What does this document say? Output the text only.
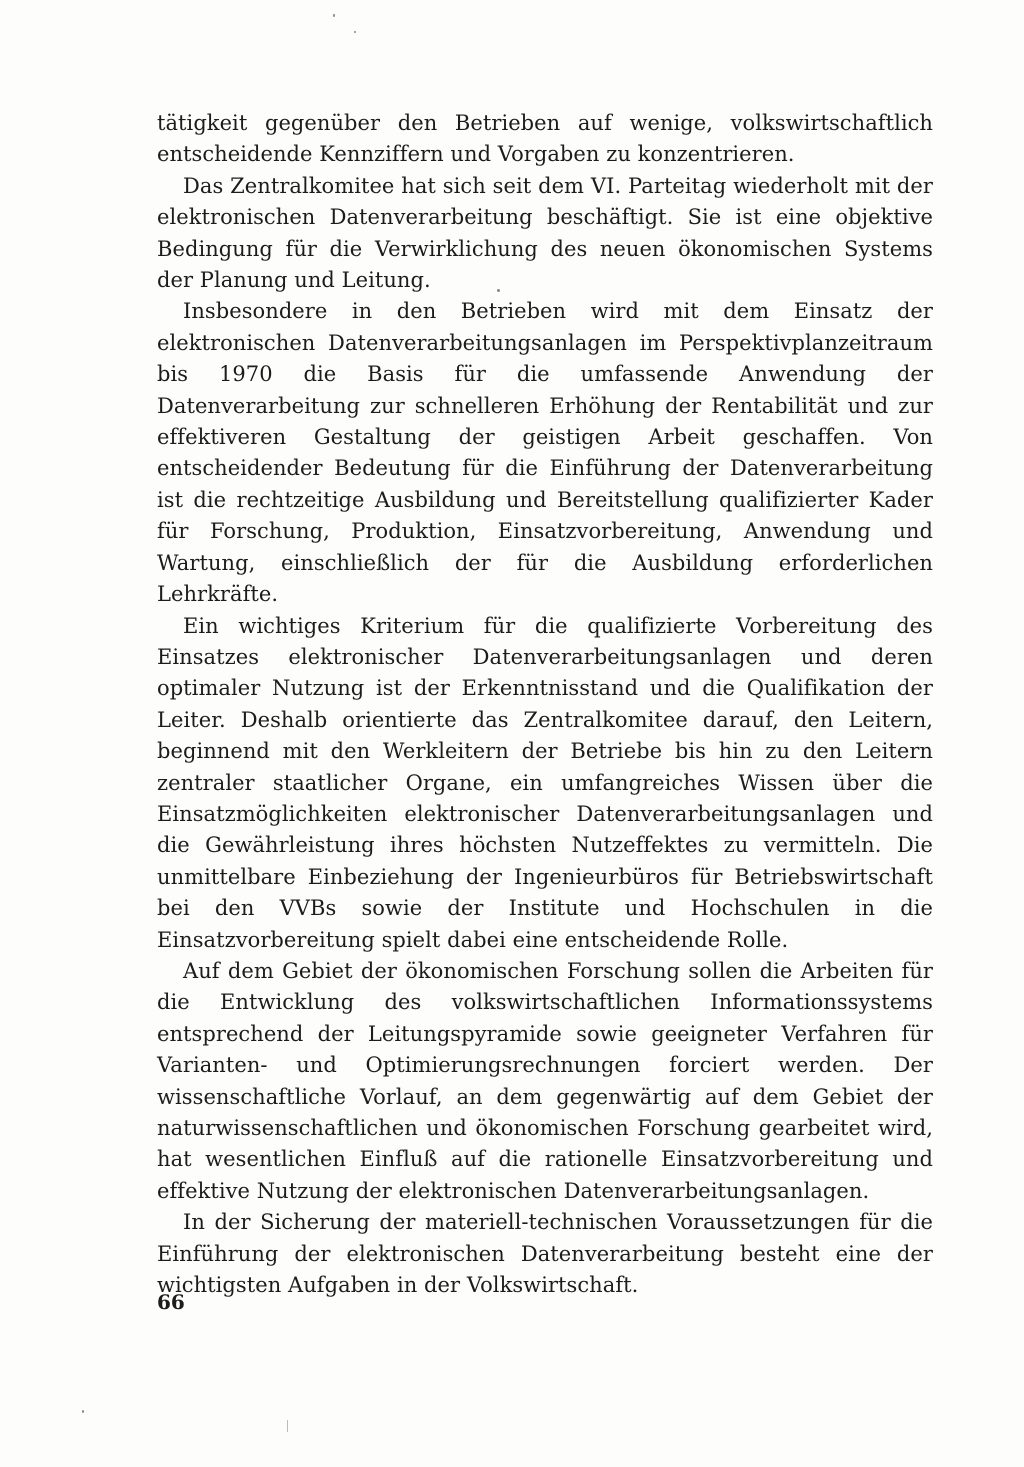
tätigkeit gegenüber den Betrieben auf wenige, volkswirtschaftlich entscheidende Kennziffern und Vorgaben zu konzentrieren.

Das Zentralkomitee hat sich seit dem VI. Parteitag wiederholt mit der elektronischen Datenverarbeitung beschäftigt. Sie ist eine objektive Bedingung für die Verwirklichung des neuen ökonomischen Systems der Planung und Leitung.

Insbesondere in den Betrieben wird mit dem Einsatz der elektronischen Datenverarbeitungsanlagen im Perspektivplanzeitraum bis 1970 die Basis für die umfassende Anwendung der Datenverarbeitung zur schnelleren Erhöhung der Rentabilität und zur effektiveren Gestaltung der geistigen Arbeit geschaffen. Von entscheidender Bedeutung für die Einführung der Datenverarbeitung ist die rechtzeitige Ausbildung und Bereitstellung qualifizierter Kader für Forschung, Produktion, Einsatzvorbereitung, Anwendung und Wartung, einschließlich der für die Ausbildung erforderlichen Lehrkräfte.

Ein wichtiges Kriterium für die qualifizierte Vorbereitung des Einsatzes elektronischer Datenverarbeitungsanlagen und deren optimaler Nutzung ist der Erkenntnisstand und die Qualifikation der Leiter. Deshalb orientierte das Zentralkomitee darauf, den Leitern, beginnend mit den Werkleitern der Betriebe bis hin zu den Leitern zentraler staatlicher Organe, ein umfangreiches Wissen über die Einsatzmöglichkeiten elektronischer Datenverarbeitungsanlagen und die Gewährleistung ihres höchsten Nutzeffektes zu vermitteln. Die unmittelbare Einbeziehung der Ingenieurbüros für Betriebswirtschaft bei den VVBs sowie der Institute und Hochschulen in die Einsatzvorbereitung spielt dabei eine entscheidende Rolle.

Auf dem Gebiet der ökonomischen Forschung sollen die Arbeiten für die Entwicklung des volkswirtschaftlichen Informationssystems entsprechend der Leitungspyramide sowie geeigneter Verfahren für Varianten- und Optimierungsrechnungen forciert werden. Der wissenschaftliche Vorlauf, an dem gegenwärtig auf dem Gebiet der naturwissenschaftlichen und ökonomischen Forschung gearbeitet wird, hat wesentlichen Einfluß auf die rationelle Einsatzvorbereitung und effektive Nutzung der elektronischen Datenverarbeitungsanlagen.

In der Sicherung der materiell-technischen Voraussetzungen für die Einführung der elektronischen Datenverarbeitung besteht eine der wichtigsten Aufgaben in der Volkswirtschaft.

66
